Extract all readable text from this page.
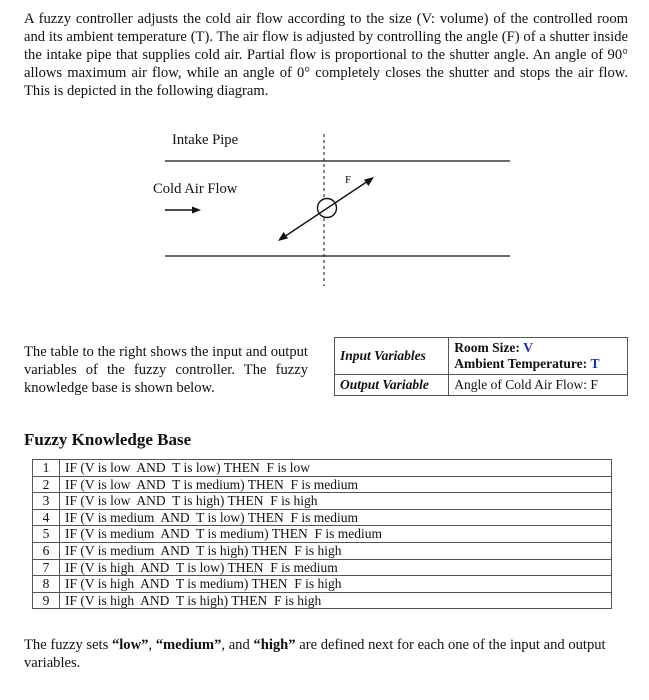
A fuzzy controller adjusts the cold air flow according to the size (V: volume) of the controlled room and its ambient temperature (T). The air flow is adjusted by controlling the angle (F) of a shutter inside the intake pipe that supplies cold air. Partial flow is proportional to the shutter angle. An angle of 90° allows maximum air flow, while an angle of 0° completely closes the shutter and stops the air flow. This is depicted in the following diagram.

Intake Pipe
Cold Air Flow
F

The table to the right shows the input and output variables of the fuzzy controller. The fuzzy knowledge base is shown below.

Input Variables	Room Size: V
Ambient Temperature: T

Output Variable	Angle of Cold Air Flow: F
Fuzzy Knowledge Base
1	IF (V is low  AND  T is low) THEN  F is low
2	IF (V is low  AND  T is medium) THEN  F is medium
3	IF (V is low  AND  T is high) THEN  F is high
4	IF (V is medium  AND  T is low) THEN  F is medium
5	IF (V is medium  AND  T is medium) THEN  F is medium
6	IF (V is medium  AND  T is high) THEN  F is high
7	IF (V is high  AND  T is low) THEN  F is medium
8	IF (V is high  AND  T is medium) THEN  F is high
9	IF (V is high  AND  T is high) THEN  F is high

The fuzzy sets “low”, “medium”, and “high” are defined next for each one of the input and output variables.
